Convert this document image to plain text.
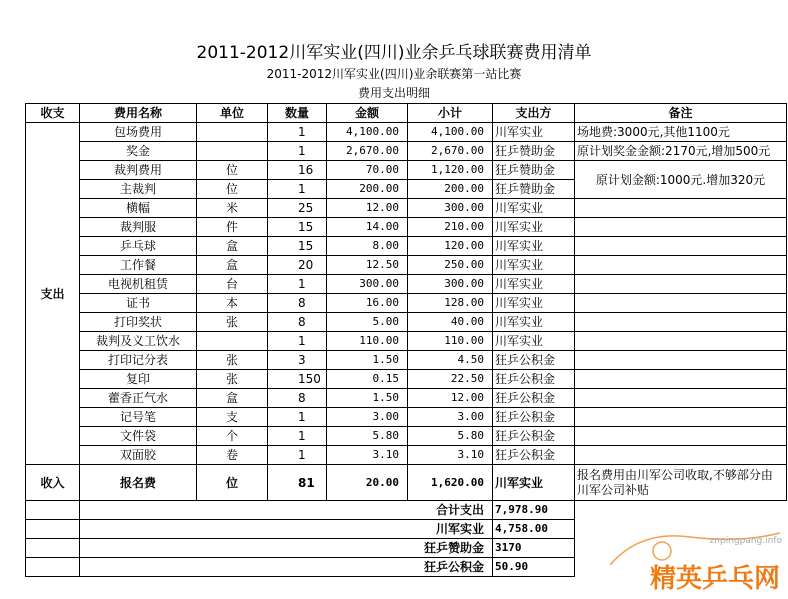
2011-2012川军实业(四川)业余乒乓球联赛费用清单
2011-2012川军实业(四川)业余联赛第一站比赛
费用支出明细
收支	费用名称	单位	数量	金额	小计	支出方	备注
支出	包场费用		1	4,100.00	4,100.00	川军实业	场地费:3000元,其他1100元
	奖金		1	2,670.00	2,670.00	狂乒赞助金	原计划奖金金额:2170元,增加500元
	裁判费用	位	16	70.00	1,120.00	狂乒赞助金	原计划金额:1000元.增加320元
	主裁判	位	1	200.00	200.00	狂乒赞助金	
	横幅	米	25	12.00	300.00	川军实业	
	裁判服	件	15	14.00	210.00	川军实业	
	乒乓球	盒	15	8.00	120.00	川军实业	
	工作餐	盒	20	12.50	250.00	川军实业	
	电视机租赁	台	1	300.00	300.00	川军实业	
	证书	本	8	16.00	128.00	川军实业	
	打印奖状	张	8	5.00	40.00	川军实业	
	裁判及义工饮水		1	110.00	110.00	川军实业	
	打印记分表	张	3	1.50	4.50	狂乒公积金	
	复印	张	150	0.15	22.50	狂乒公积金	
	藿香正气水	盒	8	1.50	12.00	狂乒公积金	
	记号笔	支	1	3.00	3.00	狂乒公积金	
	文件袋	个	1	5.80	5.80	狂乒公积金	
	双面胶	卷	1	3.10	3.10	狂乒公积金	
收入	报名费	位	81	20.00	1,620.00	川军实业	报名费用由川军公司收取,不够部分由川军公司补贴
	合计支出					7,978.90	
	川军实业					4,758.00	
	狂乒赞助金					3170	
	狂乒公积金					50.90		精英乒乓网
znpingpang.info
